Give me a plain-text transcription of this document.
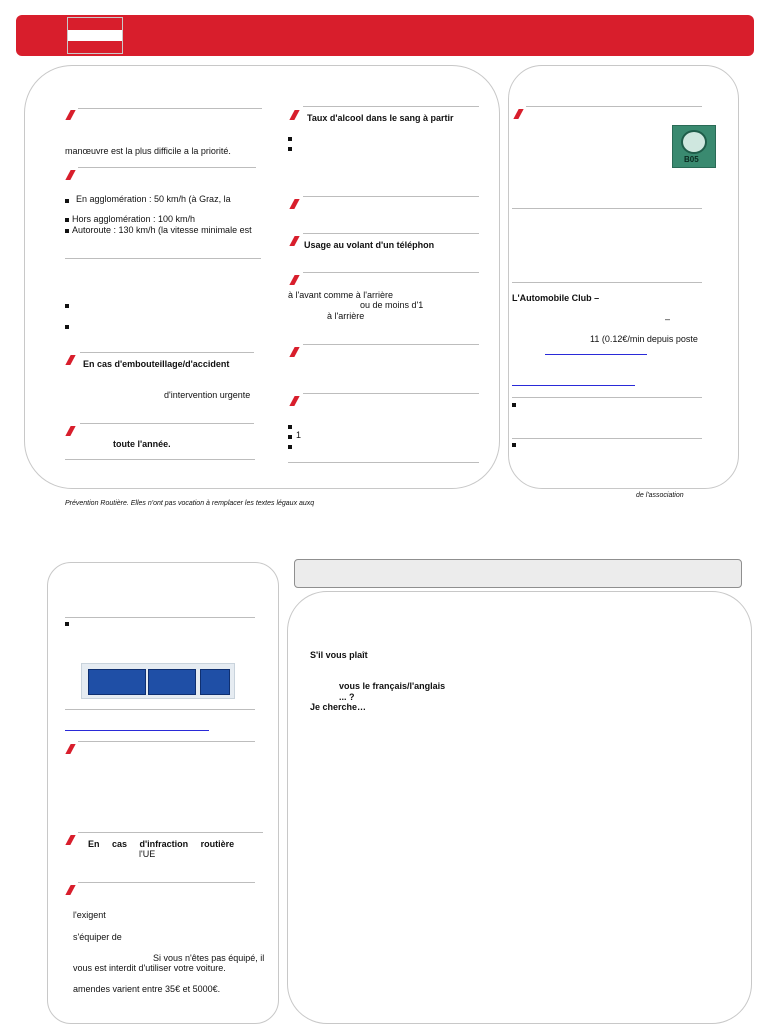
manœuvre est la plus difficile a la priorité.
En agglomération : 50 km/h (à Graz, la
Hors agglomération : 100 km/h
Autoroute : 130 km/h (la vitesse minimale est
En cas d'embouteillage/d'accident
d'intervention urgente
toute l'année.
Taux d'alcool dans le sang à partir
Usage au volant d'un téléphon
à l'avant comme à l'arrière
ou de moins d'1
à l'arrière
1
B05
L'Automobile Club –
–
11 (0.12€/min depuis poste
Prévention Routière. Elles n'ont pas vocation à remplacer les textes légaux auxq
de l'association
En cas d'infraction routière
l'UE
l'exigent
s'équiper de
Si vous n'êtes pas équipé, il
vous est interdit d'utiliser votre voiture.
amendes varient entre 35€ et 5000€.
S'il vous plaît
vous le français/l'anglais
... ?
Je cherche…
